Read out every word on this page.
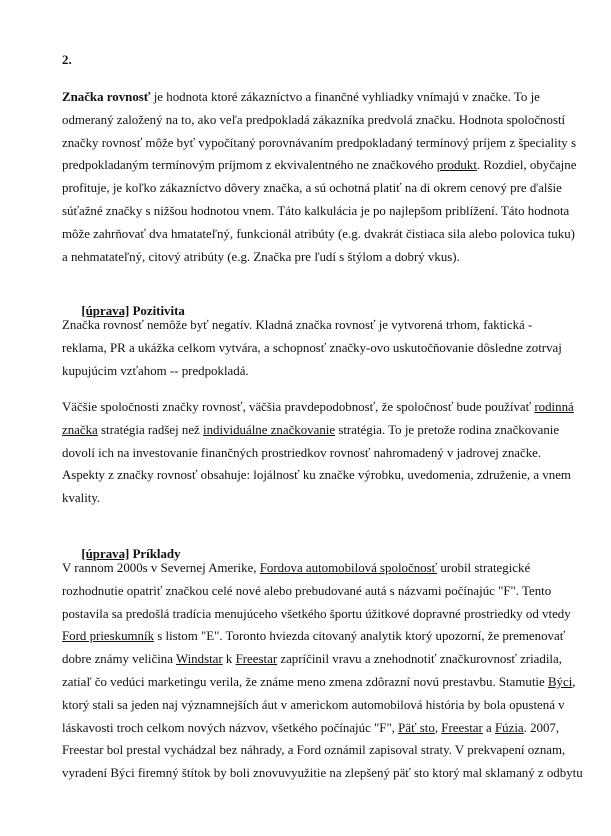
2.
Značka rovnosť je hodnota ktoré zákazníctvo a finančné vyhliadky vnímajú v značke. To je
odmeraný založený na to, ako veľa predpokladá zákazníka predvolá značku. Hodnota spoločností
značky rovnosť môže byť vypočítaný porovnávaním predpokladaný termínový príjem z špeciality s
predpokladaným termínovým príjmom z ekvivalentného ne značkového produkt. Rozdiel, obyčajne
profituje, je koľko zákazníctvo dôvery značka, a sú ochotná platiť na di okrem cenový pre ďalšie
súťažné značky s nižšou hodnotou vnem. Táto kalkulácia je po najlepšom priblížení. Táto hodnota
môže zahrňovať dva hmatateľný, funkcionál atribúty (e.g. dvakrát čistiaca sila alebo polovica tuku)
a nehmatateľný, citový atribúty (e.g. Značka pre ľudí s štýlom a dobrý vkus).

[úprava] Pozitivita

Značka rovnosť nemôže byť negatív. Kladná značka rovnosť je vytvorená trhom, faktická -
reklama, PR a ukážka celkom vytvára, a schopnosť značky-ovo uskutočňovanie dôsledne zotrvaj
kupujúcim vzťahom -- predpokladá.
Väčšie spoločnosti značky rovnosť, väčšia pravdepodobnosť, že spoločnosť bude používať rodinná
značka stratégia radšej než individuálne značkovanie stratégia. To je pretože rodina značkovanie
dovolí ich na investovanie finančných prostriedkov rovnosť nahromadený v jadrovej značke.
Aspekty z značky rovnosť obsahuje: lojálnosť ku značke výrobku, uvedomenia, združenie, a vnem
kvality.

[úprava] Príklady

V rannom 2000s v Severnej Amerike, Fordova automobilová spoločnosť urobil strategické
rozhodnutie opatriť značkou celé nové alebo prebudované autá s názvami počínajúc "F". Tento
postavila sa predošlá tradícia menujúceho všetkého športu úžitkové dopravné prostriedky od vtedy
Ford prieskumník s listom "E". Toronto hviezda citovaný analytik ktorý upozorní, že premenovať
dobre známy veličina Windstar k Freestar zapríčinil vravu a znehodnotiť značkurovnosť zriadila,
zatiaľ čo vedúci marketingu verila, že známe meno zmena zdôrazní novú prestavbu. Stamutie Býci,
ktorý stali sa jeden naj významnejších áut v americkom automobilová história by bola opustená v
láskavosti troch celkom nových názvov, všetkého počínajúc "F", Päť sto, Freestar a Fúzia. 2007,
Freestar bol prestal vychádzal bez náhrady, a Ford oznámil zapisoval straty. V prekvapení oznam,
vyradení Býci firemný štítok by boli znovuvyužitie na zlepšený päť sto ktorý mal sklamaný z odbytu
